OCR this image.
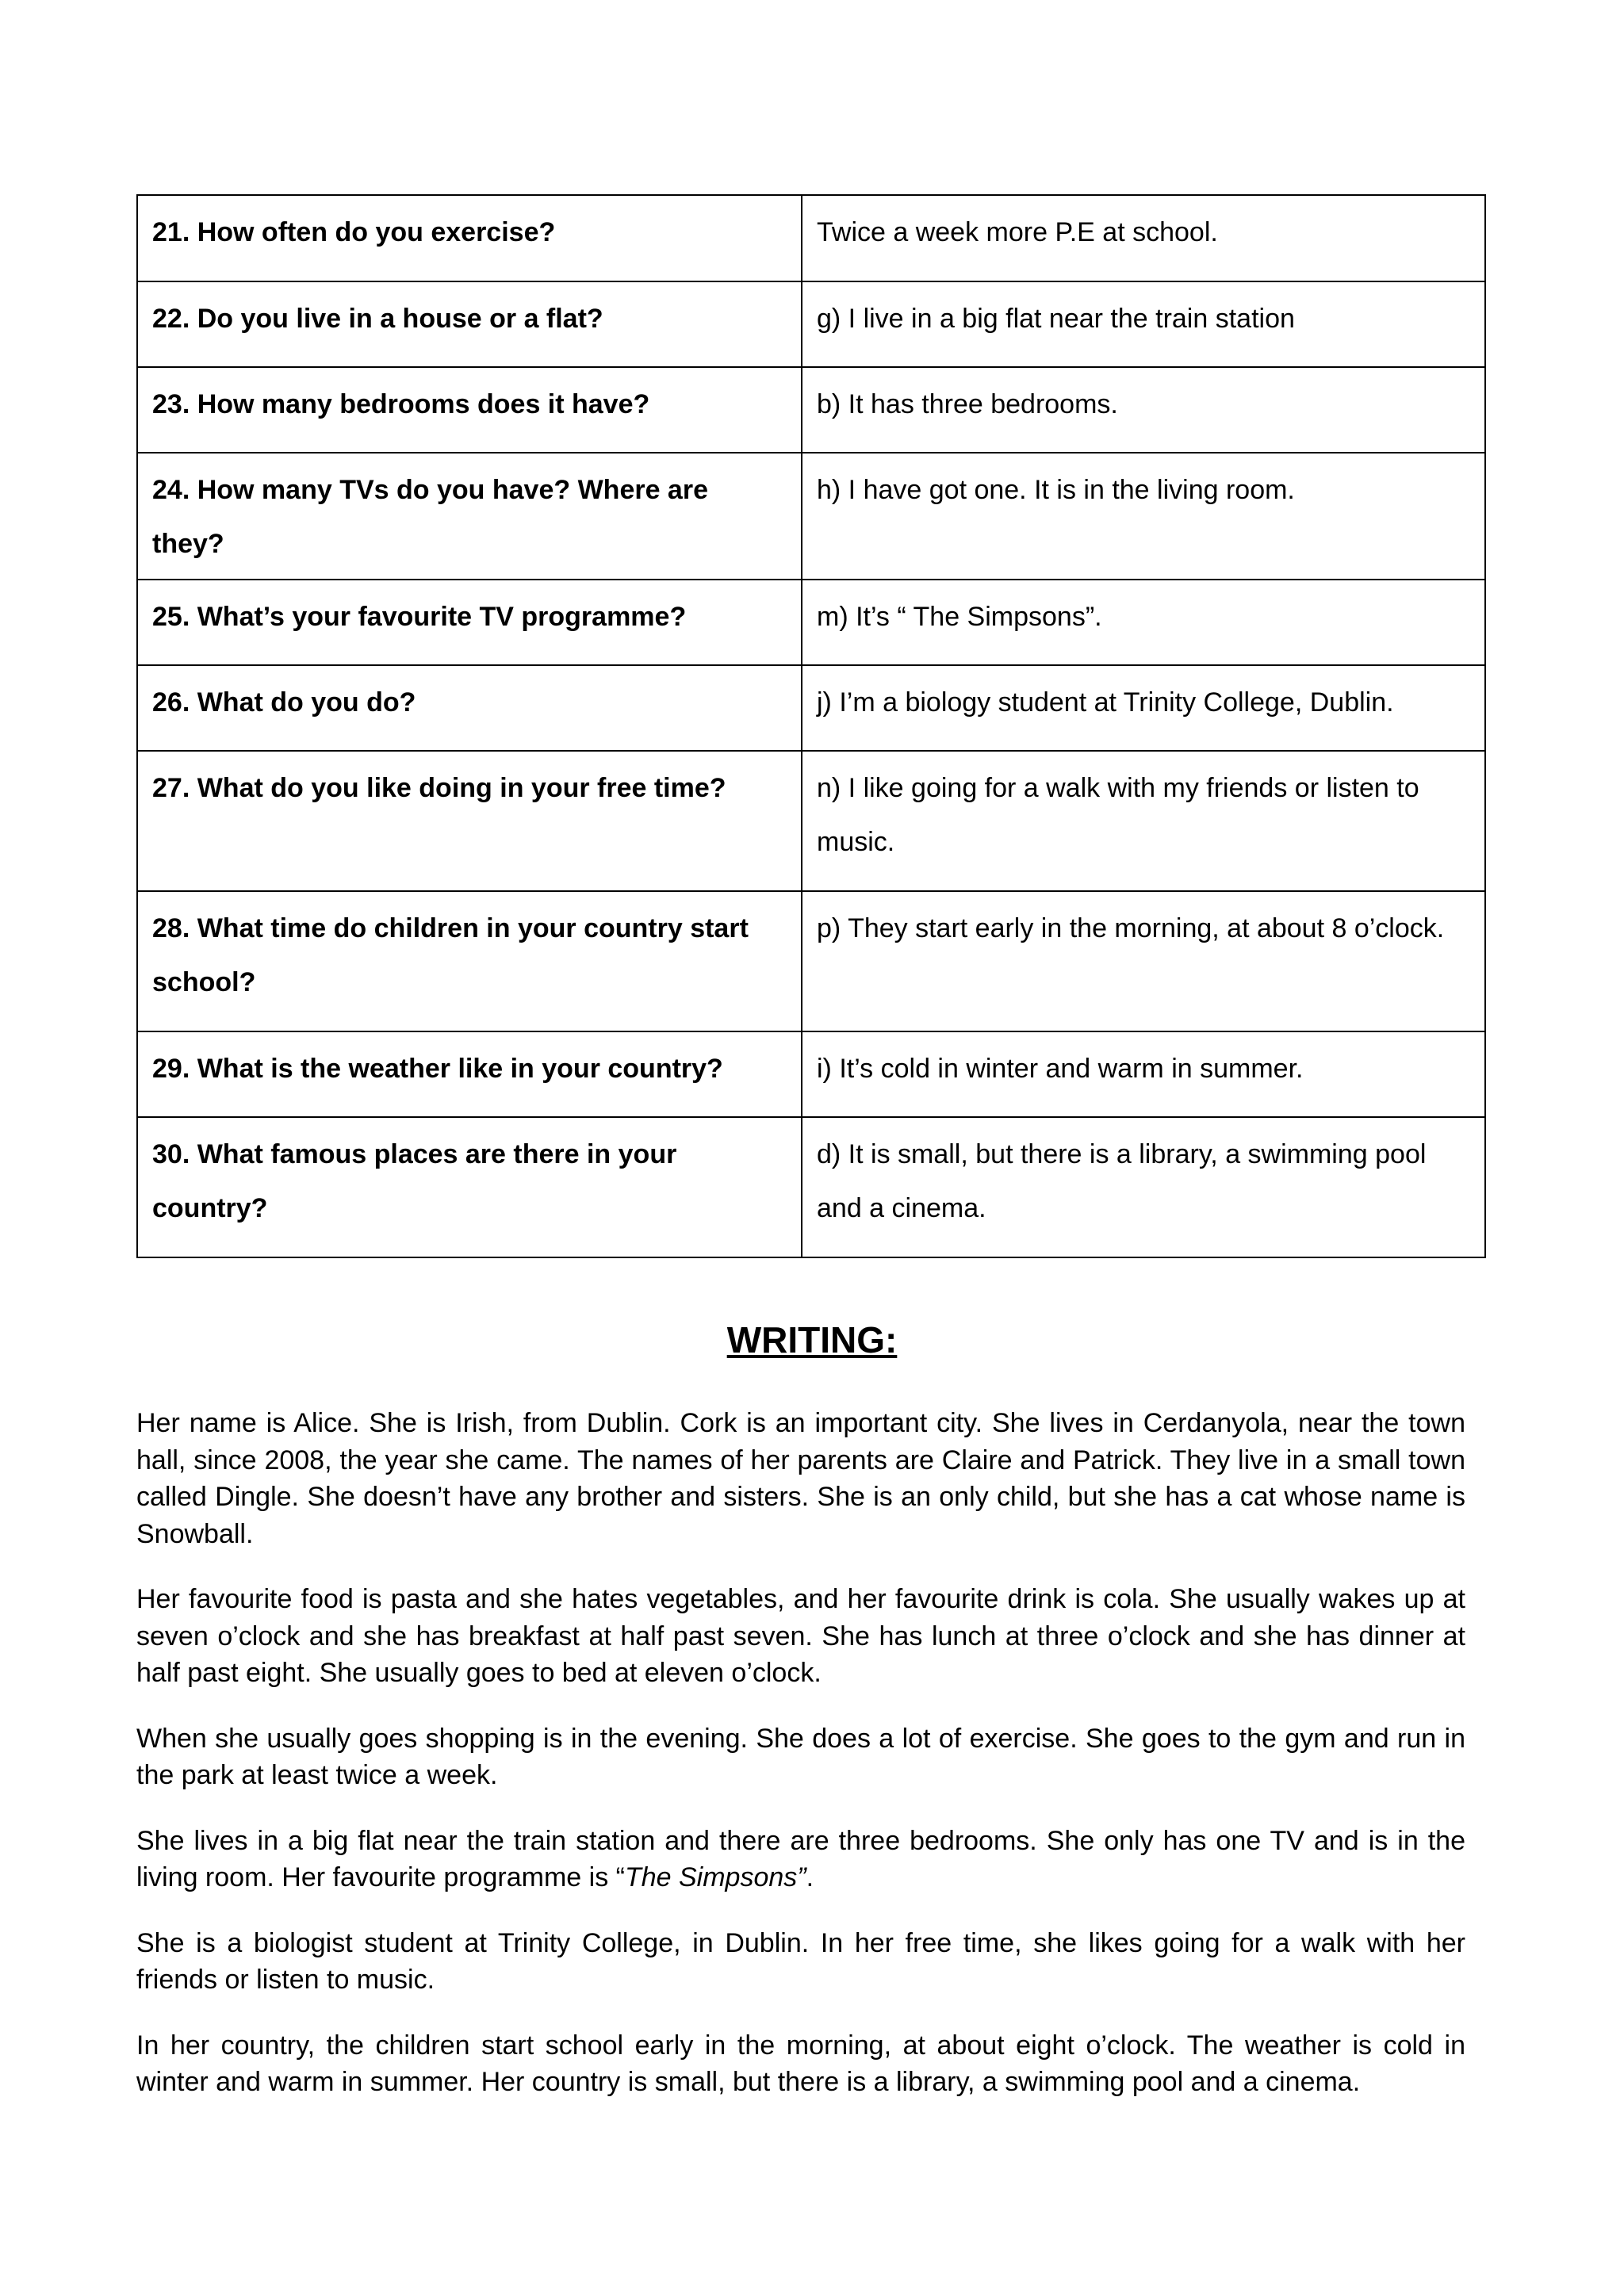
21. How often do you exercise?	Twice a week more P.E at school.

22. Do you live in a house or a flat?	g) I live in a big flat near the train station

23. How many bedrooms does it have?	b) It has three bedrooms.

24. How many TVs do you have? Where are they?	h) I have got one. It is in the living room.

25. What’s your favourite TV programme?	m) It’s “ The Simpsons”.

26. What do you do?	j) I’m a biology student at Trinity College, Dublin.

27. What do you like doing in your free time?	n) I like going for a walk with my friends or listen to music.

28. What time do children in your country start school?	p) They start early in the morning, at about 8 o’clock.

29. What is the weather like in your country?	i) It’s cold in winter and warm in summer.

30. What famous places are there in your country?	d) It is small, but there is a library, a swimming pool and a cinema.
WRITING:

Her name is Alice. She is Irish, from Dublin. Cork is an important city. She lives in Cerdanyola, near the town hall, since 2008, the year she came. The names of her parents are Claire and Patrick. They live in a small town called Dingle. She doesn’t have any brother and sisters. She is an only child, but she has a cat whose name is Snowball.

Her favourite food is pasta and she hates vegetables, and her favourite drink is cola. She usually wakes up at seven o’clock and she has breakfast at half past seven. She has lunch at three o’clock and she has dinner at half past eight. She usually goes to bed at eleven o’clock.

When she usually goes shopping is in the evening. She does a lot of exercise. She goes to the gym and run in the park at least twice a week.

She lives in a big flat near the train station and there are three bedrooms. She only has one TV and is in the living room. Her favourite programme is “The Simpsons”.

She is a biologist student at Trinity College, in Dublin. In her free time, she likes going for a walk with her friends or listen to music.

In her country, the children start school early in the morning, at about eight o’clock. The weather is cold in winter and warm in summer. Her country is small, but there is a library, a swimming pool and a cinema.
